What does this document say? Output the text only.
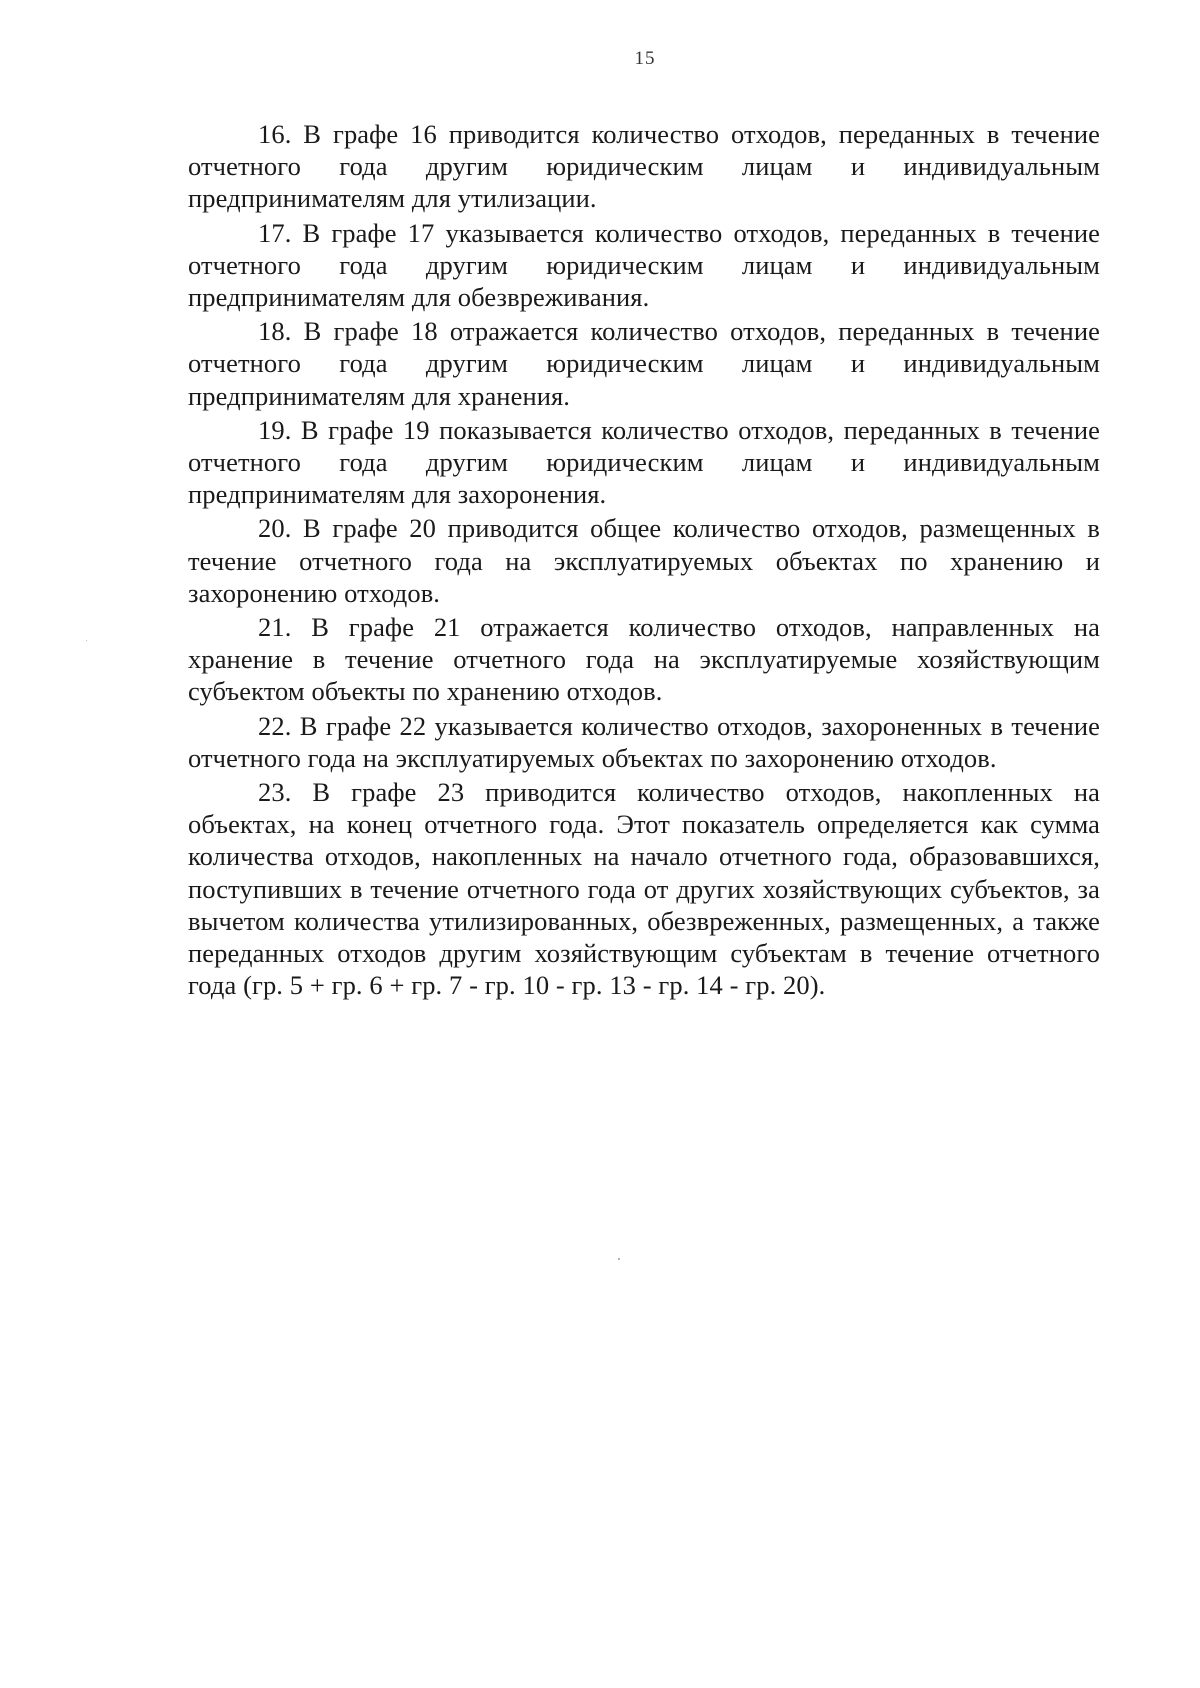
15

16. В графе 16 приводится количество отходов, переданных в течение отчетного года другим юридическим лицам и индивидуальным предпринимателям для утилизации.

17. В графе 17 указывается количество отходов, переданных в течение отчетного года другим юридическим лицам и индивидуальным предпринимателям для обезвреживания.

18. В графе 18 отражается количество отходов, переданных в течение отчетного года другим юридическим лицам и индивидуальным предпринимателям для хранения.

19. В графе 19 показывается количество отходов, переданных в течение отчетного года другим юридическим лицам и индивидуальным предпринимателям для захоронения.

20. В графе 20 приводится общее количество отходов, размещенных в течение отчетного года на эксплуатируемых объектах по хранению и захоронению отходов.

21. В графе 21 отражается количество отходов, направленных на хранение в течение отчетного года на эксплуатируемые хозяйствующим субъектом объекты по хранению отходов.

22. В графе 22 указывается количество отходов, захороненных в течение отчетного года на эксплуатируемых объектах по захоронению отходов.

23. В графе 23 приводится количество отходов, накопленных на объектах, на конец отчетного года. Этот показатель определяется как сумма количества отходов, накопленных на начало отчетного года, образовавшихся, поступивших в течение отчетного года от других хозяйствующих субъектов, за вычетом количества утилизированных, обезвреженных, размещенных, а также переданных отходов другим хозяйствующим субъектам в течение отчетного года (гр. 5 + гр. 6 + гр. 7 - гр. 10 - гр. 13 - гр. 14 - гр. 20).
